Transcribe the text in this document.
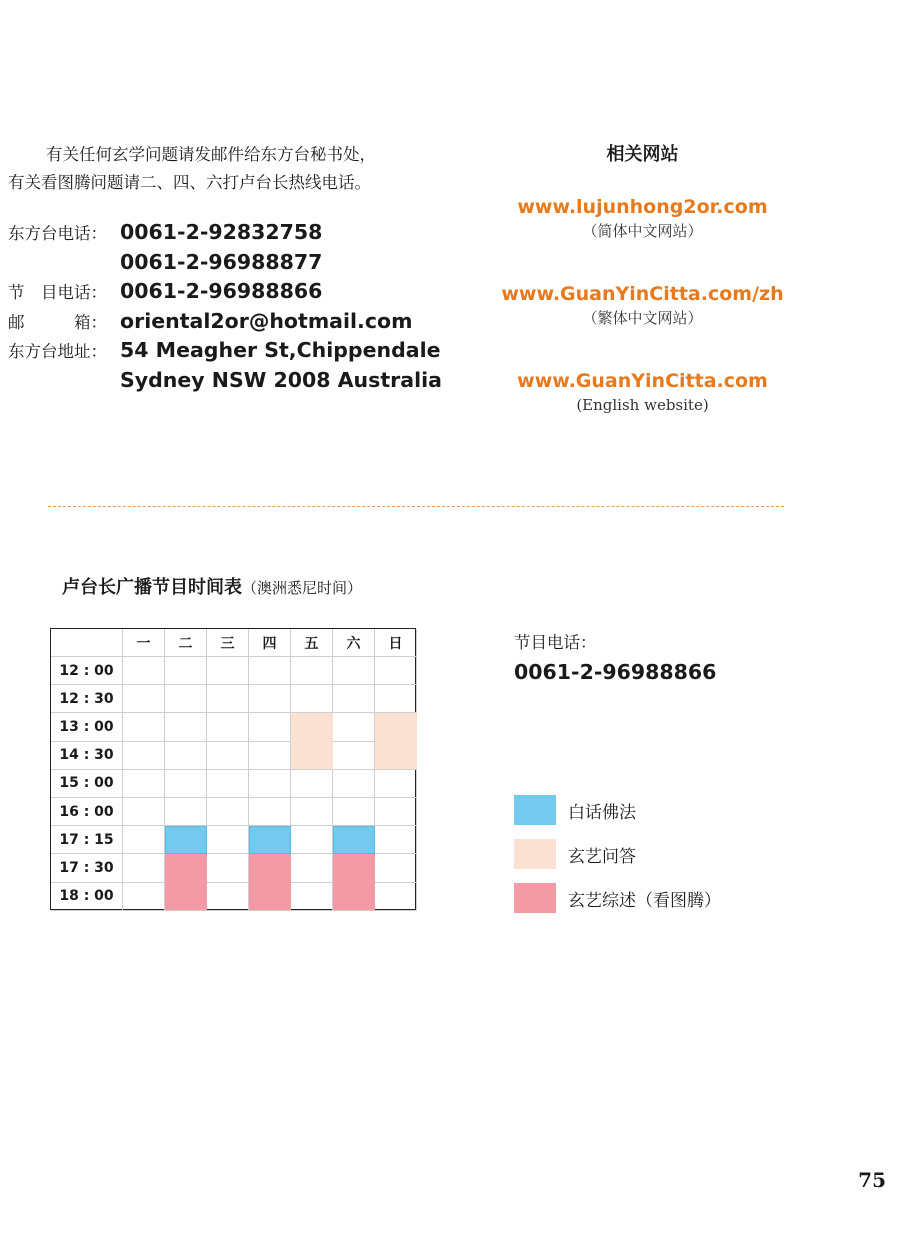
有关任何玄学问题请发邮件给东方台秘书处，

有关看图腾问题请二、四、六打卢台长热线电话。

东方台电话： 0061-2-92832758
0061-2-96988877
节　目电话： 0061-2-96988866
邮　　　箱： oriental2or@hotmail.com
东方台地址： 54 Meagher St,Chippendale
Sydney NSW 2008 Australia
相关网站
www.lujunhong2or.com
（简体中文网站）
www.GuanYinCitta.com/zh
（繁体中文网站）
www.GuanYinCitta.com
(English website)
卢台长广播节目时间表（澳洲悉尼时间）
一	二	三	四	五	六	日
12 : 00
12 : 30
13 : 00
14 : 30
15 : 00
16 : 00
17 : 15
17 : 30
18 : 00
节目电话：
0061-2-96988866
白话佛法
玄艺问答
玄艺综述（看图腾）
75
